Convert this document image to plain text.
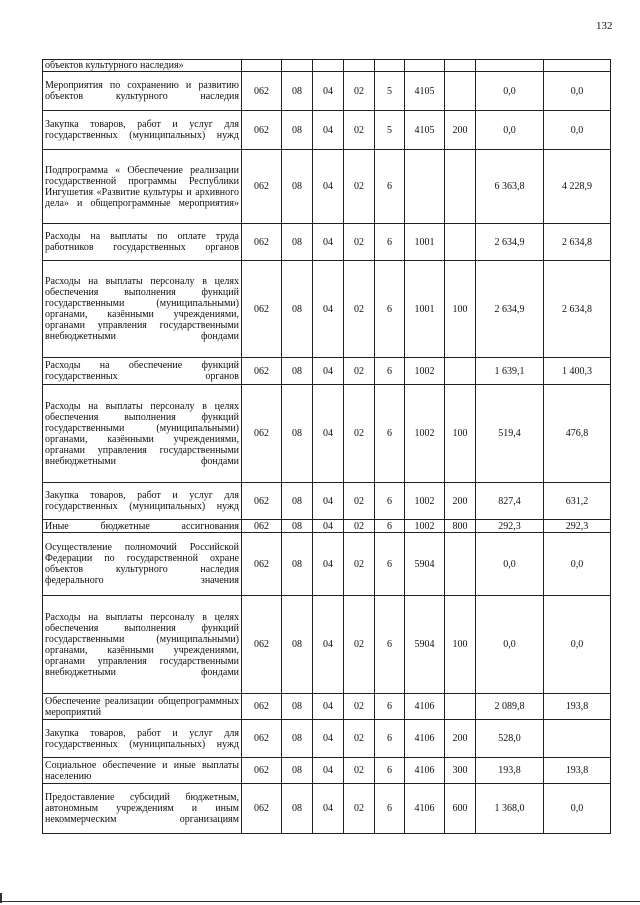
132
объектов культурного наследия»									
Мероприятия по сохранению и развитию объектов культурного наследия	062	08	04	02	5	4105		0,0	0,0
Закупка товаров, работ и услуг для государственных (муниципальных) нужд	062	08	04	02	5	4105	200	0,0	0,0
Подпрограмма « Обеспечение реализации государственной программы Республики Ингушетия «Развитие культуры и архивного дела» и общепрограммные мероприятия»	062	08	04	02	6			6 363,8	4 228,9
Расходы на выплаты по оплате труда работников государственных органов	062	08	04	02	6	1001		2 634,9	2 634,8
Расходы на выплаты персоналу в целях обеспечения выполнения функций государственными (муниципальными) органами, казёнными учреждениями, органами управления государственными внебюджетными фондами	062	08	04	02	6	1001	100	2 634,9	2 634,8
Расходы на обеспечение функций государственных органов	062	08	04	02	6	1002		1 639,1	1 400,3
Расходы на выплаты персоналу в целях обеспечения выполнения функций государственными (муниципальными) органами, казёнными учреждениями, органами управления государственными внебюджетными фондами	062	08	04	02	6	1002	100	519,4	476,8
Закупка товаров, работ и услуг для государственных (муниципальных) нужд	062	08	04	02	6	1002	200	827,4	631,2
Иные бюджетные ассигнования	062	08	04	02	6	1002	800	292,3	292,3
Осуществление полномочий Российской Федерации по государственной охране объектов культурного наследия федерального значения	062	08	04	02	6	5904		0,0	0,0
Расходы на выплаты персоналу в целях обеспечения выполнения функций государственными (муниципальными) органами, казёнными учреждениями, органами управления государственными внебюджетными фондами	062	08	04	02	6	5904	100	0,0	0,0
Обеспечение реализации общепрограммных мероприятий	062	08	04	02	6	4106		2 089,8	193,8
Закупка товаров, работ и услуг для государственных (муниципальных) нужд	062	08	04	02	6	4106	200	528,0	
Социальное обеспечение и иные выплаты населению	062	08	04	02	6	4106	300	193,8	193,8
Предоставление субсидий бюджетным, автономным учреждениям и иным некоммерческим организациям	062	08	04	02	6	4106	600	1 368,0	0,0
